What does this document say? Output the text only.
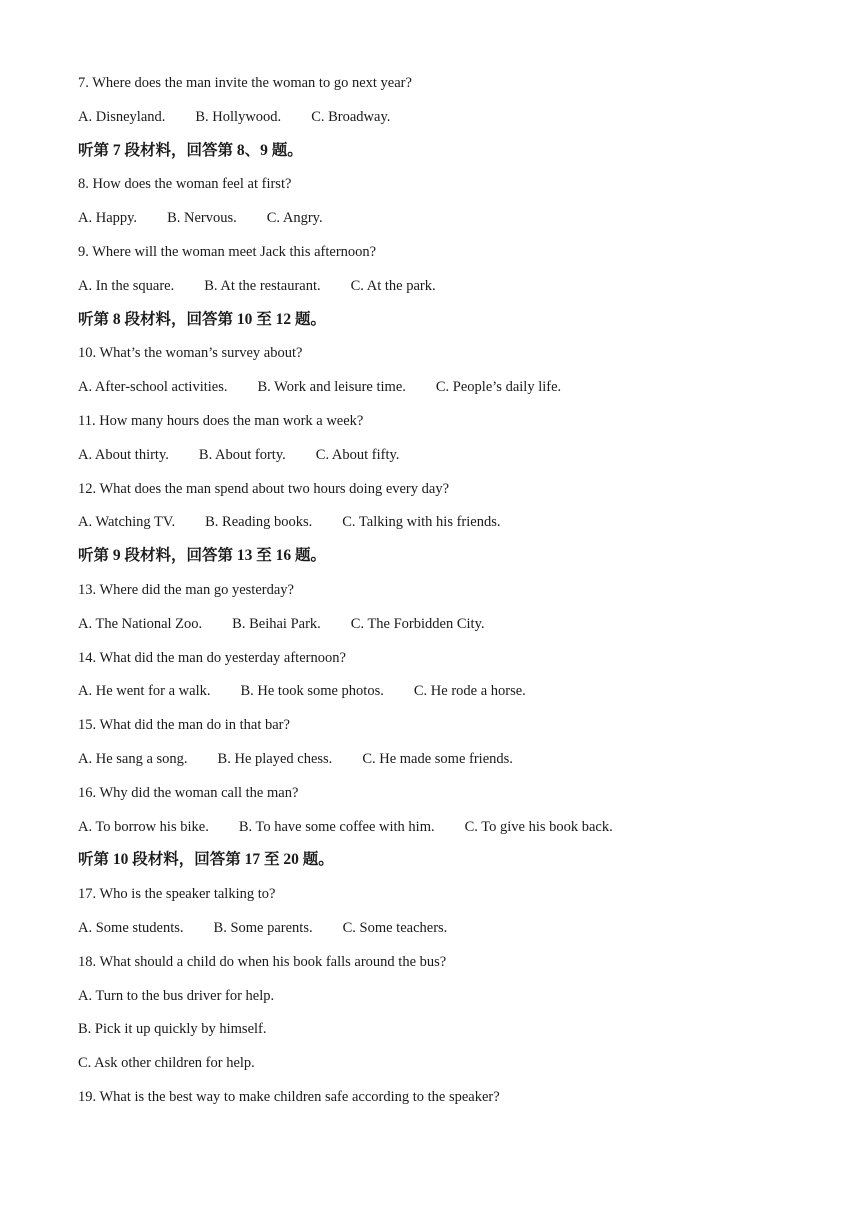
7. Where does the man invite the woman to go next year?
A. Disneyland. B. Hollywood. C. Broadway.
听第 7 段材料，回答第 8、9 题。
8. How does the woman feel at first?
A. Happy. B. Nervous. C. Angry.
9. Where will the woman meet Jack this afternoon?
A. In the square. B. At the restaurant. C. At the park.
听第 8 段材料，回答第 10 至 12 题。
10. What’s the woman’s survey about?
A. After-school activities. B. Work and leisure time. C. People’s daily life.
11. How many hours does the man work a week?
A. About thirty. B. About forty. C. About fifty.
12. What does the man spend about two hours doing every day?
A. Watching TV. B. Reading books. C. Talking with his friends.
听第 9 段材料，回答第 13 至 16 题。
13. Where did the man go yesterday?
A. The National Zoo. B. Beihai Park. C. The Forbidden City.
14. What did the man do yesterday afternoon?
A. He went for a walk. B. He took some photos. C. He rode a horse.
15. What did the man do in that bar?
A. He sang a song. B. He played chess. C. He made some friends.
16. Why did the woman call the man?
A. To borrow his bike. B. To have some coffee with him. C. To give his book back.
听第 10 段材料，回答第 17 至 20 题。
17. Who is the speaker talking to?
A. Some students. B. Some parents. C. Some teachers.
18. What should a child do when his book falls around the bus?
A. Turn to the bus driver for help.
B. Pick it up quickly by himself.
C. Ask other children for help.
19. What is the best way to make children safe according to the speaker?
